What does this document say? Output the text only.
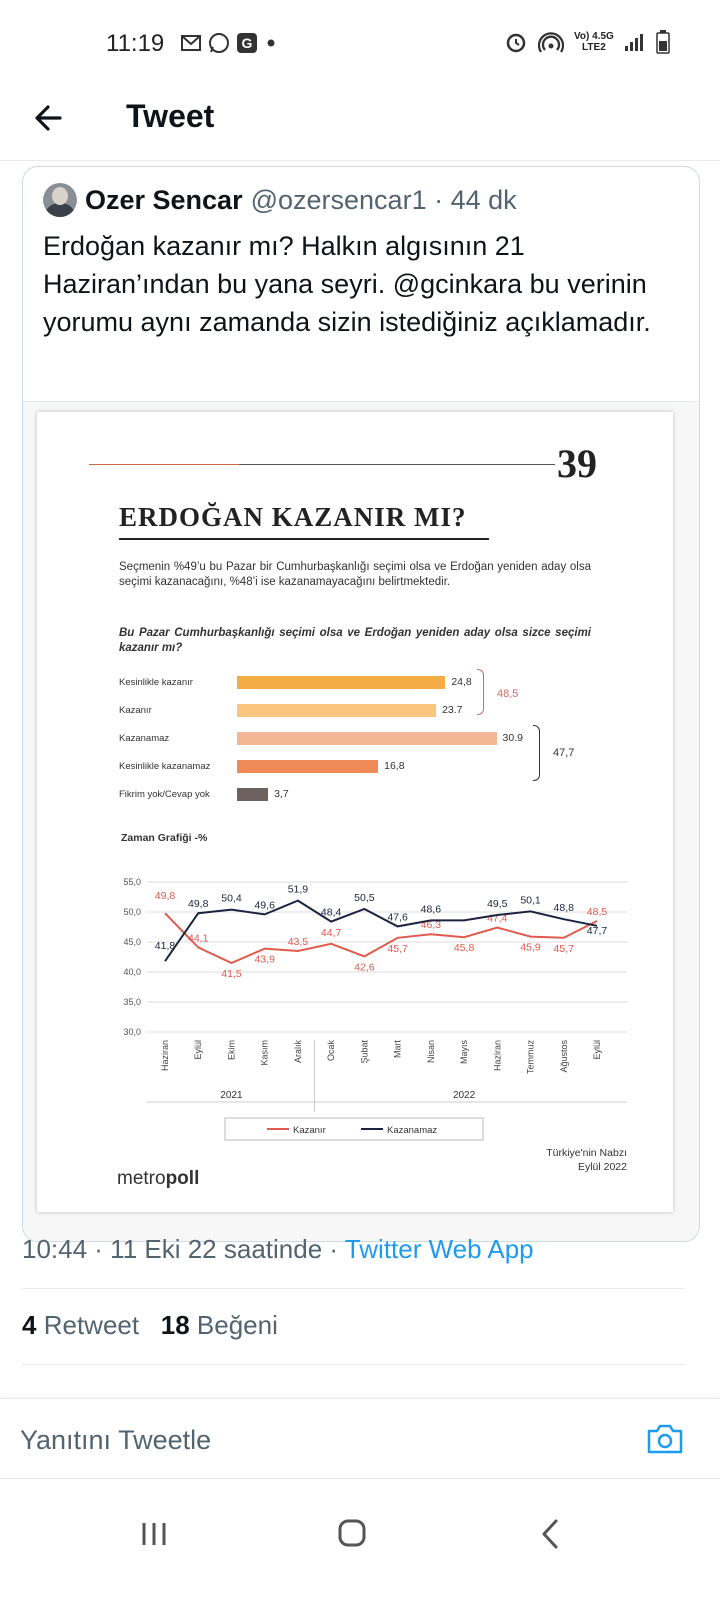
11:19	G	Vo) 4.5G
LTE2
Tweet
Ozer Sencar @ozersencar1 · 44 dk
Erdoğan kazanır mı? Halkın algısının 21 Haziran’ından bu yana seyri. @gcinkara bu verinin yorumu aynı zamanda sizin istediğiniz açıklamadır.
39
ERDOĞAN KAZANIR MI?
Seçmenin %49’u bu Pazar bir Cumhurbaşkanlığı seçimi olsa ve Erdoğan yeniden aday olsa seçimi kazanacağını, %48’i ise kazanamayacağını belirtmektedir.
Bu Pazar Cumhurbaşkanlığı seçimi olsa ve Erdoğan yeniden aday olsa sizce seçimi kazanır mı?
Kesinlikle kazanır	24,8
Kazanır	23.7
Kazanamaz	30.9
Kesinlikle kazanamaz	16,8
Fikrim yok/Cevap yok	3,7
48,5
47,7
Zaman Grafiği -%
30,0
35,0
40,0
45,0
50,0
55,0
Haziran	Eylül	Ekim	Kasım	Aralık	Ocak	Şubat	Mart	Nisan	Mayıs	Haziran	Temmuz	Ağustos	Eylül
2021	2022
49,8
44,1
41,5
43,9
43,5
44,7
42,6
45,7
46,3
45,8
47,4
45,9 45,7
48,5
41,8
49,8 50,4
49,6
51,9
48,4
50,5
47,6
48,6	49,5 50,1
48,8
47,7
Kazanır	Kazanamaz
Türkiye'nin Nabzı
Eylül 2022
metropoll
10:44 · 11 Eki 22 saatinde · Twitter Web App
4 Retweet 18 Beğeni
Yanıtını Tweetle
